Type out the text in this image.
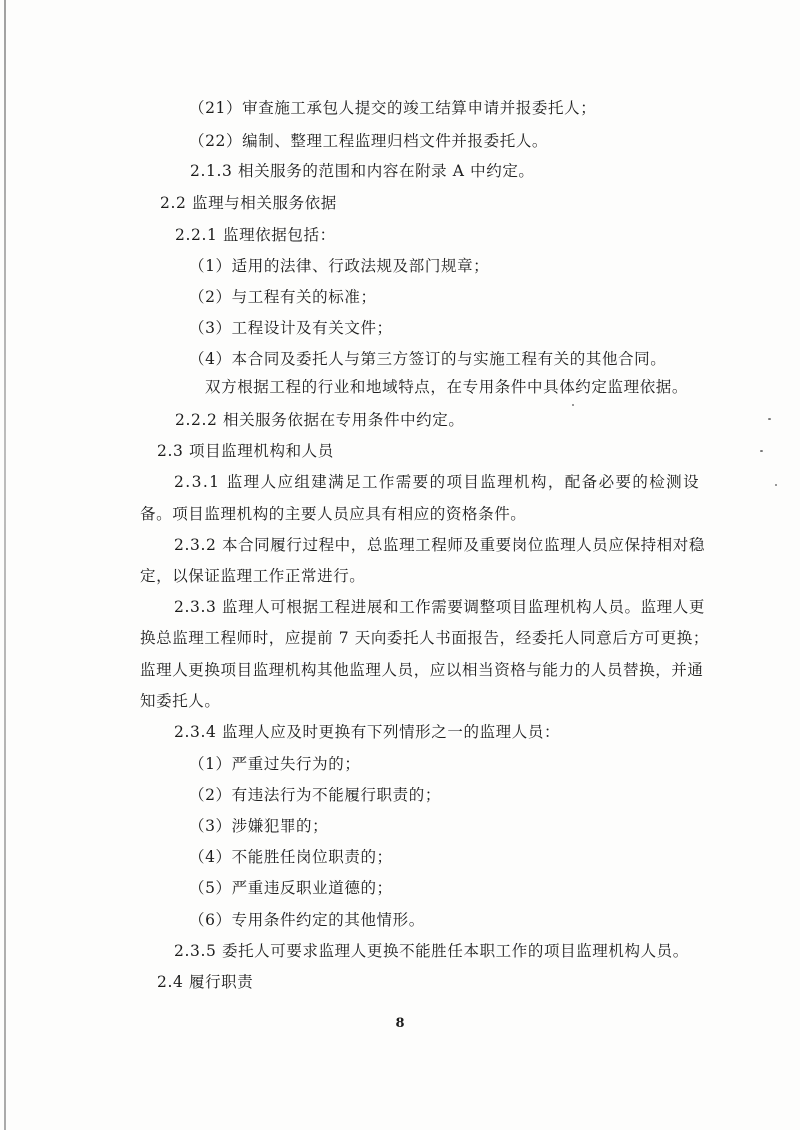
（21）审查施工承包人提交的竣工结算申请并报委托人；
（22）编制、整理工程监理归档文件并报委托人。
2.1.3 相关服务的范围和内容在附录 A 中约定。
2.2 监理与相关服务依据
2.2.1 监理依据包括：
（1）适用的法律、行政法规及部门规章；
（2）与工程有关的标准；
（3）工程设计及有关文件；
（4）本合同及委托人与第三方签订的与实施工程有关的其他合同。
双方根据工程的行业和地域特点，在专用条件中具体约定监理依据。
2.2.2 相关服务依据在专用条件中约定。
2.3 项目监理机构和人员
2.3.1 监理人应组建满足工作需要的项目监理机构，配备必要的检测设
备。项目监理机构的主要人员应具有相应的资格条件。
2.3.2 本合同履行过程中，总监理工程师及重要岗位监理人员应保持相对稳
定，以保证监理工作正常进行。
2.3.3 监理人可根据工程进展和工作需要调整项目监理机构人员。监理人更
换总监理工程师时，应提前 7 天向委托人书面报告，经委托人同意后方可更换；
监理人更换项目监理机构其他监理人员，应以相当资格与能力的人员替换，并通
知委托人。
2.3.4 监理人应及时更换有下列情形之一的监理人员：
（1）严重过失行为的；
（2）有违法行为不能履行职责的；
（3）涉嫌犯罪的；
（4）不能胜任岗位职责的；
（5）严重违反职业道德的；
（6）专用条件约定的其他情形。
2.3.5 委托人可要求监理人更换不能胜任本职工作的项目监理机构人员。
2.4 履行职责
8
